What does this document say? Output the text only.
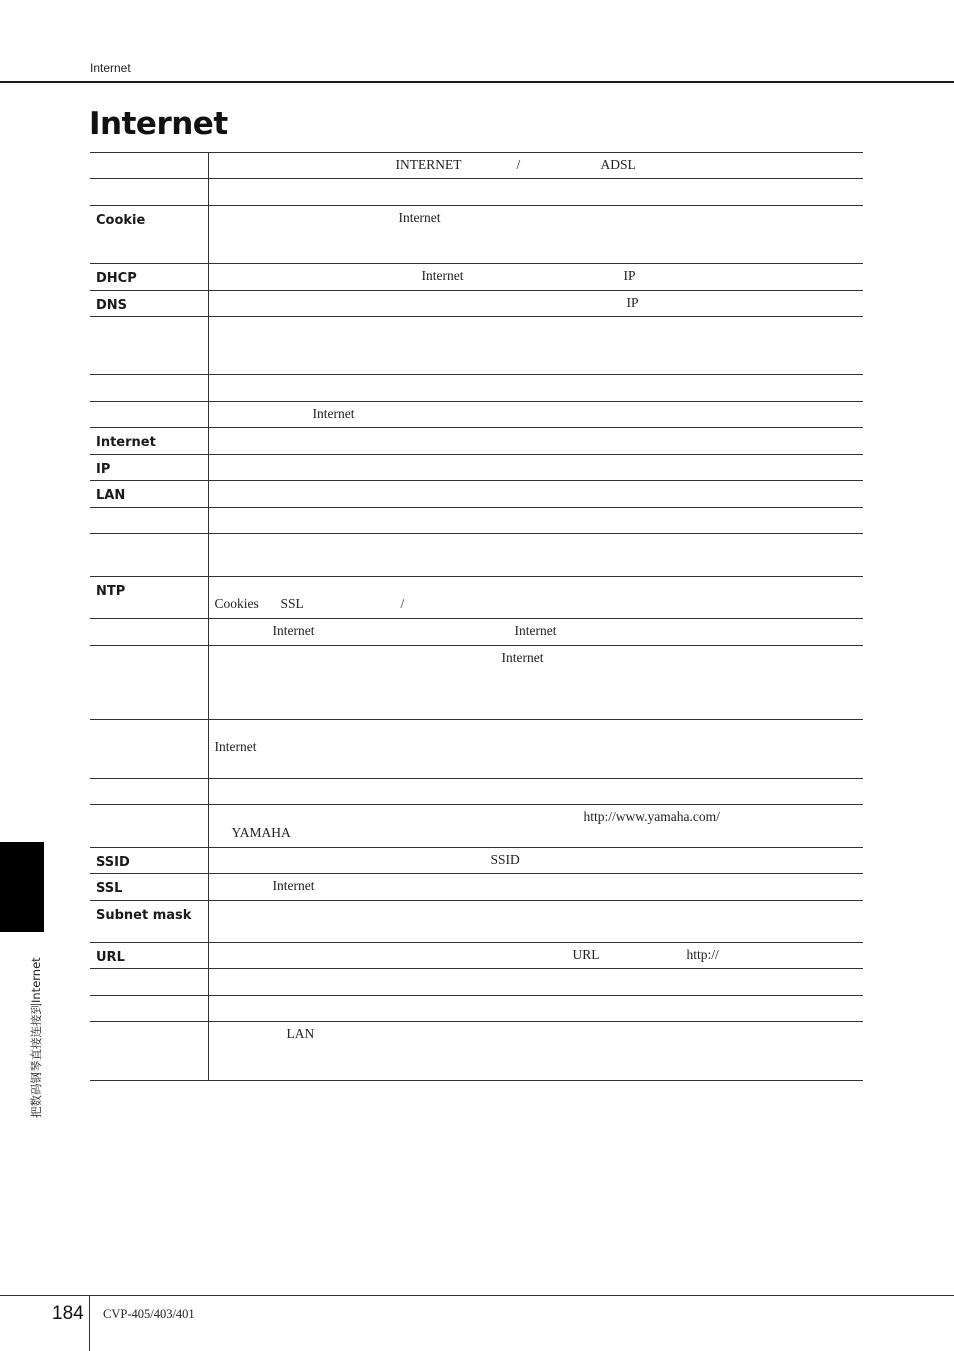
Internet
Internet

	INTERNET / ADSL

Cookie	Internet

DHCP	Internet IP

DNS	IP

	Internet

Internet	
IP	
LAN	

NTP	Cookies SSL /

	Internet Internet

	Internet

	Internet

	http://www.yamaha.com/
YAMAHA

SSID	SSID

SSL	Internet

Subnet mask	
URL	URL http://

	LAN
把数码钢琴直接连接到Internet
184 CVP-405/403/401
